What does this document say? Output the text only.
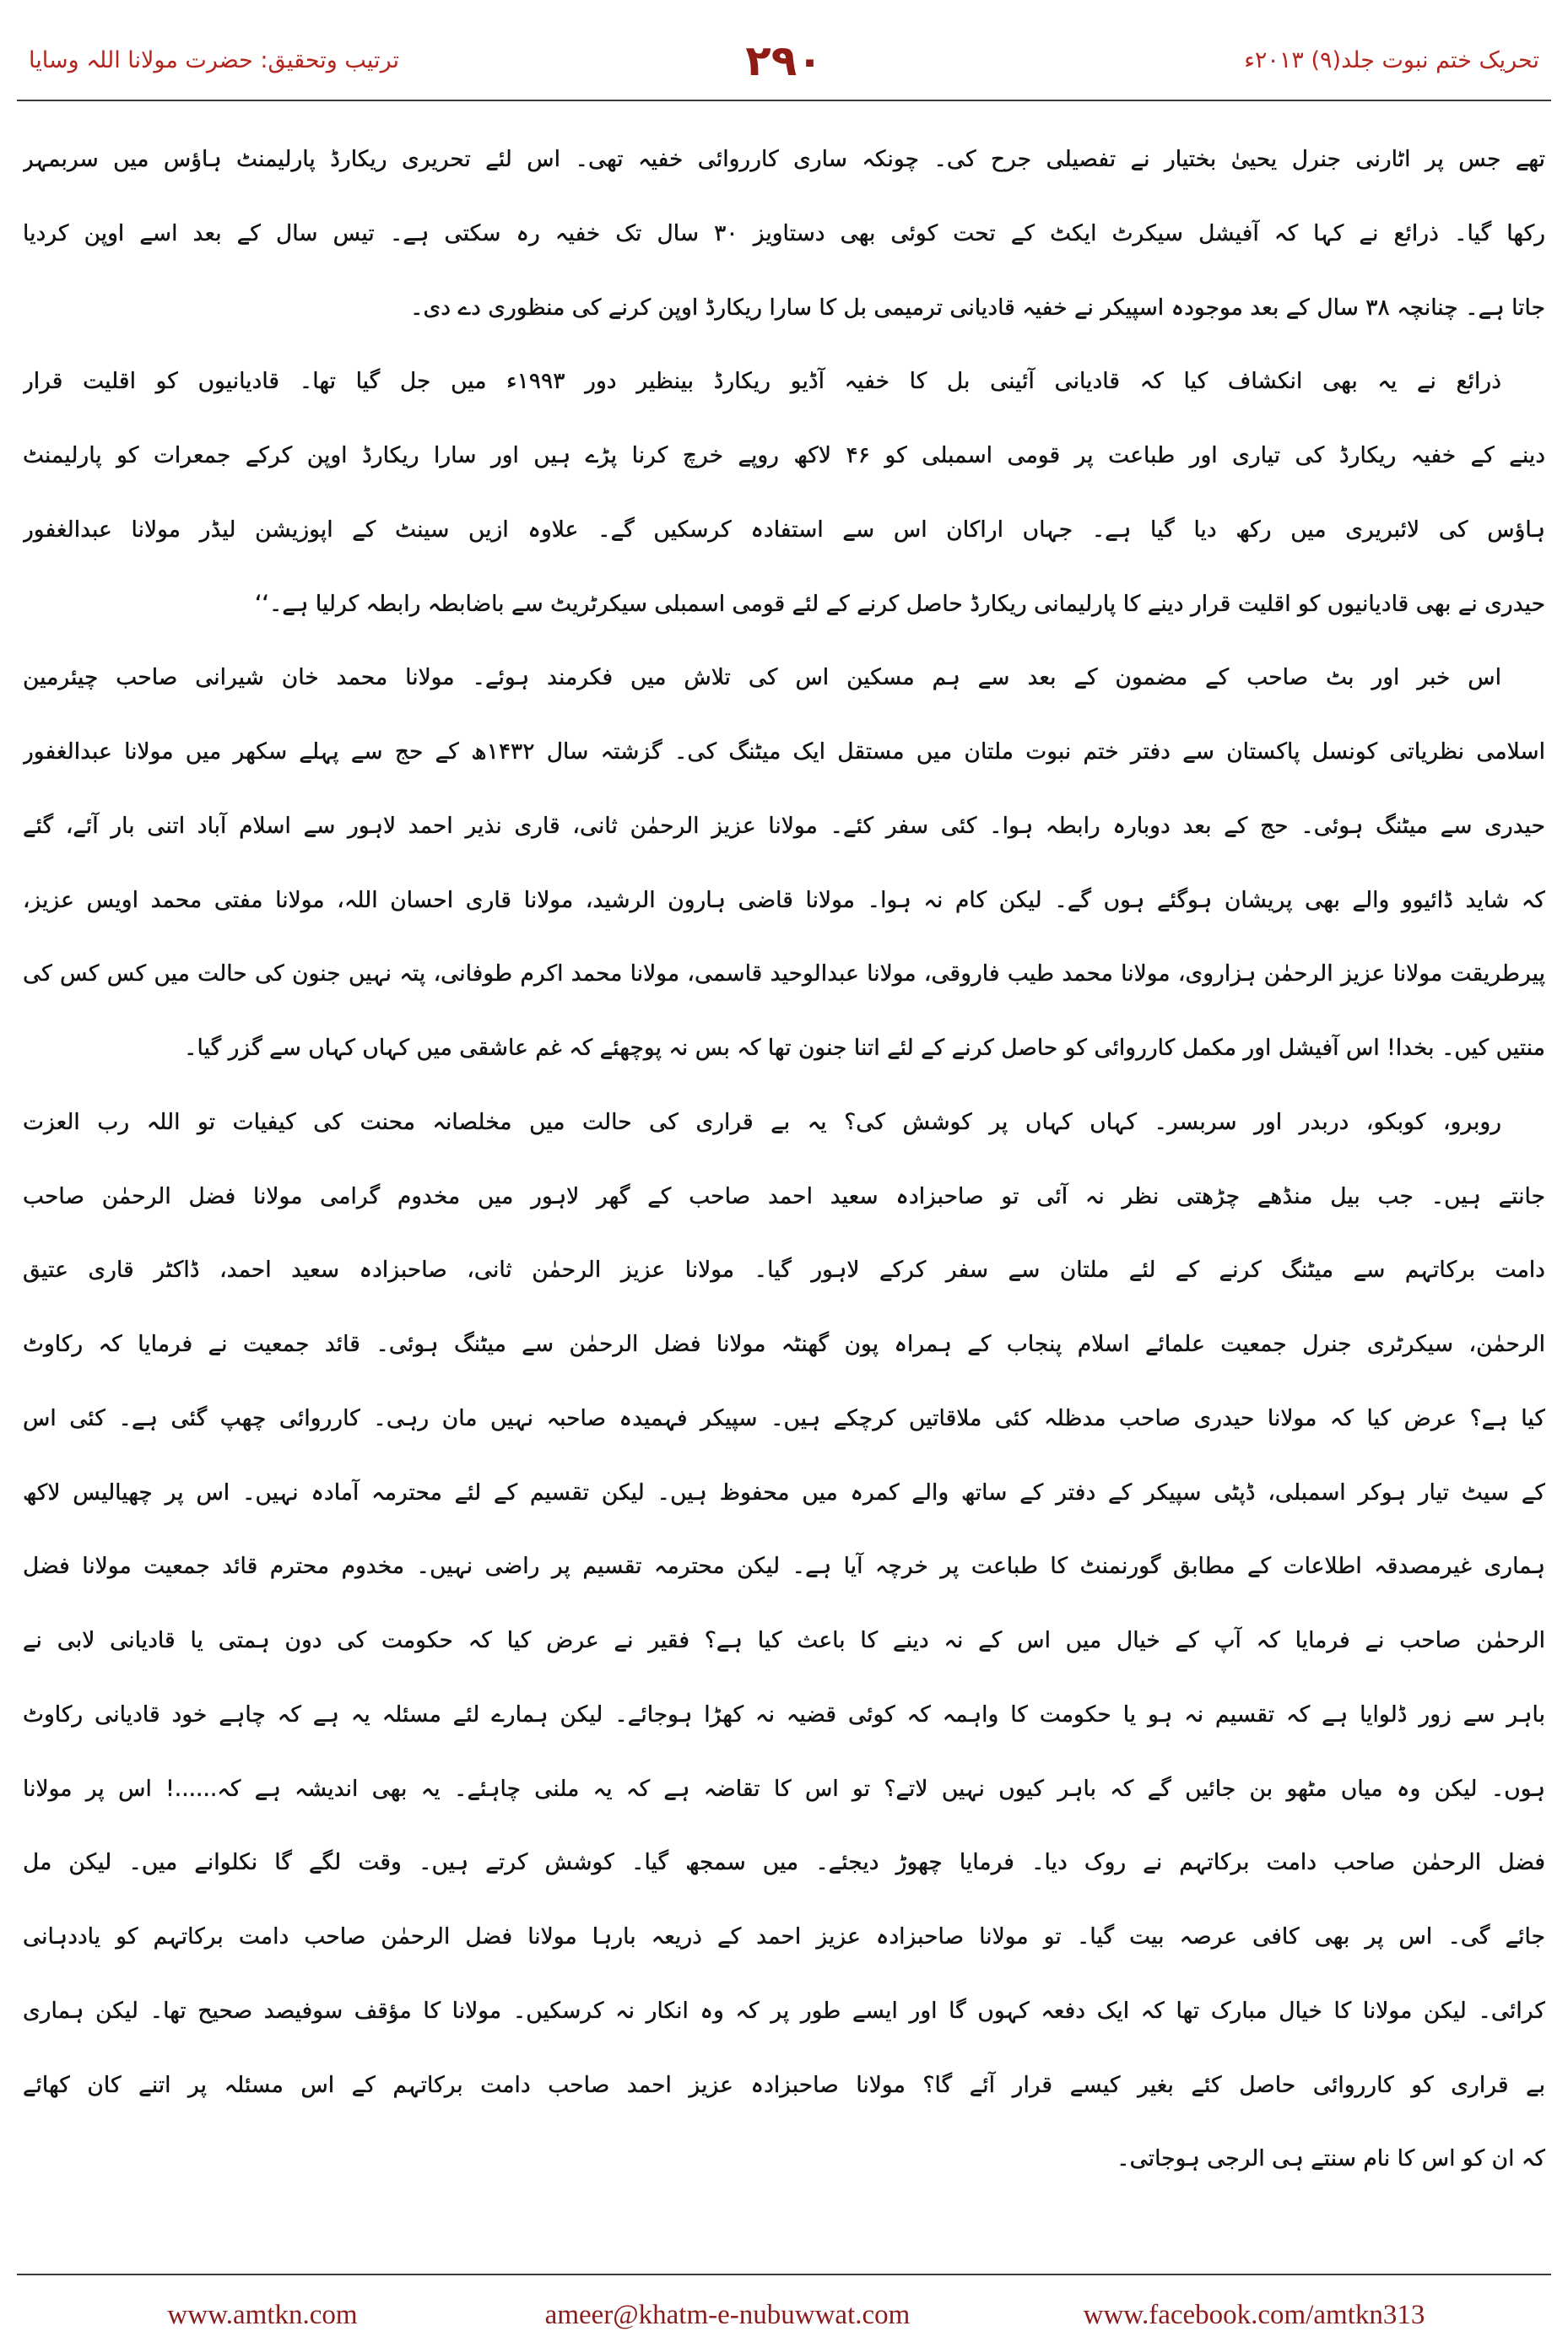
تحریک ختم نبوت جلد(۹) ۲۰۱۳ء
۲۹۰
ترتیب وتحقیق: حضرت مولانا اللہ وسایا
تھے جس پر اٹارنی جنرل یحییٰ بختیار نے تفصیلی جرح کی۔ چونکہ ساری کارروائی خفیہ تھی۔ اس لئے تحریری ریکارڈ پارلیمنٹ ہاؤس میں سربمہر
رکھا گیا۔ ذرائع نے کہا کہ آفیشل سیکرٹ ایکٹ کے تحت کوئی بھی دستاویز ۳۰ سال تک خفیہ رہ سکتی ہے۔ تیس سال کے بعد اسے اوپن کردیا
جاتا ہے۔ چنانچہ ۳۸ سال کے بعد موجودہ اسپیکر نے خفیہ قادیانی ترمیمی بل کا سارا ریکارڈ اوپن کرنے کی منظوری دے دی۔
ذرائع نے یہ بھی انکشاف کیا کہ قادیانی آئینی بل کا خفیہ آڈیو ریکارڈ بینظیر دور ۱۹۹۳ء میں جل گیا تھا۔ قادیانیوں کو اقلیت قرار
دینے کے خفیہ ریکارڈ کی تیاری اور طباعت پر قومی اسمبلی کو ۴۶ لاکھ روپے خرچ کرنا پڑے ہیں اور سارا ریکارڈ اوپن کرکے جمعرات کو پارلیمنٹ
ہاؤس کی لائبریری میں رکھ دیا گیا ہے۔ جہاں اراکان اس سے استفادہ کرسکیں گے۔ علاوہ ازیں سینٹ کے اپوزیشن لیڈر مولانا عبدالغفور
حیدری نے بھی قادیانیوں کو اقلیت قرار دینے کا پارلیمانی ریکارڈ حاصل کرنے کے لئے قومی اسمبلی سیکرٹریٹ سے باضابطہ رابطہ کرلیا ہے۔‘‘
اس خبر اور بٹ صاحب کے مضمون کے بعد سے ہم مسکین اس کی تلاش میں فکرمند ہوئے۔ مولانا محمد خان شیرانی صاحب چیئرمین
اسلامی نظریاتی کونسل پاکستان سے دفتر ختم نبوت ملتان میں مستقل ایک میٹنگ کی۔ گزشتہ سال ۱۴۳۲ھ کے حج سے پہلے سکھر میں مولانا عبدالغفور
حیدری سے میٹنگ ہوئی۔ حج کے بعد دوبارہ رابطہ ہوا۔ کئی سفر کئے۔ مولانا عزیز الرحمٰن ثانی، قاری نذیر احمد لاہور سے اسلام آباد اتنی بار آئے، گئے
کہ شاید ڈائیوو والے بھی پریشان ہوگئے ہوں گے۔ لیکن کام نہ ہوا۔ مولانا قاضی ہارون الرشید، مولانا قاری احسان اللہ، مولانا مفتی محمد اویس عزیز،
پیرطریقت مولانا عزیز الرحمٰن ہزاروی، مولانا محمد طیب فاروقی، مولانا عبدالوحید قاسمی، مولانا محمد اکرم طوفانی، پتہ نہیں جنون کی حالت میں کس کس کی
منتیں کیں۔ بخدا! اس آفیشل اور مکمل کارروائی کو حاصل کرنے کے لئے اتنا جنون تھا کہ بس نہ پوچھئے کہ غم عاشقی میں کہاں کہاں سے گزر گیا۔
روبرو، کوبکو، دربدر اور سربسر۔ کہاں کہاں پر کوشش کی؟ یہ بے قراری کی حالت میں مخلصانہ محنت کی کیفیات تو اللہ رب العزت
جانتے ہیں۔ جب بیل منڈھے چڑھتی نظر نہ آئی تو صاحبزادہ سعید احمد صاحب کے گھر لاہور میں مخدوم گرامی مولانا فضل الرحمٰن صاحب
دامت برکاتہم سے میٹنگ کرنے کے لئے ملتان سے سفر کرکے لاہور گیا۔ مولانا عزیز الرحمٰن ثانی، صاحبزادہ سعید احمد، ڈاکٹر قاری عتیق
الرحمٰن، سیکرٹری جنرل جمعیت علمائے اسلام پنجاب کے ہمراہ پون گھنٹہ مولانا فضل الرحمٰن سے میٹنگ ہوئی۔ قائد جمعیت نے فرمایا کہ رکاوٹ
کیا ہے؟ عرض کیا کہ مولانا حیدری صاحب مدظلہ کئی ملاقاتیں کرچکے ہیں۔ سپیکر فہمیدہ صاحبہ نہیں مان رہی۔ کارروائی چھپ گئی ہے۔ کئی اس
کے سیٹ تیار ہوکر اسمبلی، ڈپٹی سپیکر کے دفتر کے ساتھ والے کمرہ میں محفوظ ہیں۔ لیکن تقسیم کے لئے محترمہ آمادہ نہیں۔ اس پر چھیالیس لاکھ
ہماری غیرمصدقہ اطلاعات کے مطابق گورنمنٹ کا طباعت پر خرچہ آیا ہے۔ لیکن محترمہ تقسیم پر راضی نہیں۔ مخدوم محترم قائد جمعیت مولانا فضل
الرحمٰن صاحب نے فرمایا کہ آپ کے خیال میں اس کے نہ دینے کا باعث کیا ہے؟ فقیر نے عرض کیا کہ حکومت کی دون ہمتی یا قادیانی لابی نے
باہر سے زور ڈلوایا ہے کہ تقسیم نہ ہو یا حکومت کا واہمہ کہ کوئی قضیہ نہ کھڑا ہوجائے۔ لیکن ہمارے لئے مسئلہ یہ ہے کہ چاہے خود قادیانی رکاوٹ
ہوں۔ لیکن وہ میاں مٹھو بن جائیں گے کہ باہر کیوں نہیں لاتے؟ تو اس کا تقاضہ ہے کہ یہ ملنی چاہئے۔ یہ بھی اندیشہ ہے کہ......! اس پر مولانا
فضل الرحمٰن صاحب دامت برکاتہم نے روک دیا۔ فرمایا چھوڑ دیجئے۔ میں سمجھ گیا۔ کوشش کرتے ہیں۔ وقت لگے گا نکلوانے میں۔ لیکن مل
جائے گی۔ اس پر بھی کافی عرصہ بیت گیا۔ تو مولانا صاحبزادہ عزیز احمد کے ذریعہ بارہا مولانا فضل الرحمٰن صاحب دامت برکاتہم کو یاددہانی
کرائی۔ لیکن مولانا کا خیال مبارک تھا کہ ایک دفعہ کہوں گا اور ایسے طور پر کہ وہ انکار نہ کرسکیں۔ مولانا کا مؤقف سوفیصد صحیح تھا۔ لیکن ہماری
بے قراری کو کارروائی حاصل کئے بغیر کیسے قرار آئے گا؟ مولانا صاحبزادہ عزیز احمد صاحب دامت برکاتہم کے اس مسئلہ پر اتنے کان کھائے
کہ ان کو اس کا نام سنتے ہی الرجی ہوجاتی۔
www.amtkn.com	ameer@khatm-e-nubuwwat.com	www.facebook.com/amtkn313
